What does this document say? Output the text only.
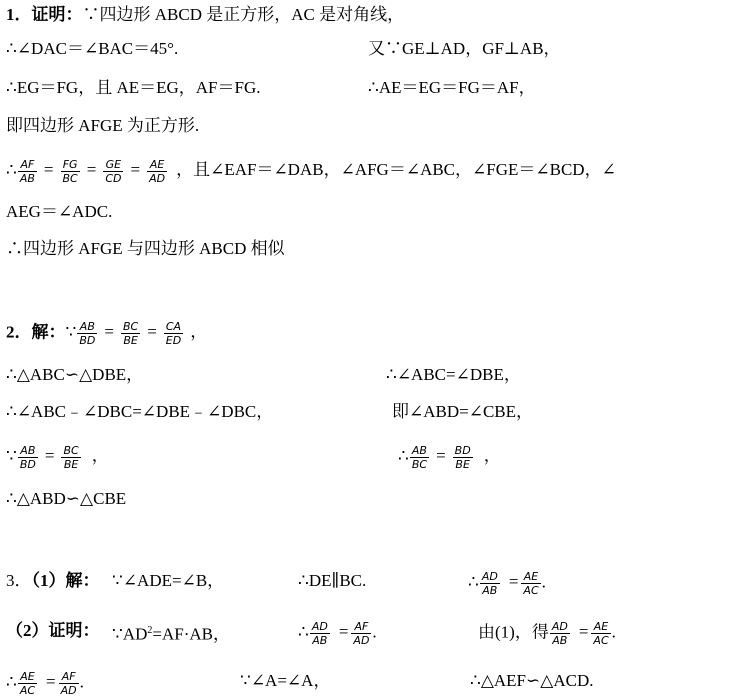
1．证明：∵四边形 ABCD 是正方形，AC 是对角线，
∴∠DAC＝∠BAC＝45°.	又∵GE⊥AD，GF⊥AB，
∴EG＝FG，且 AE＝EG，AF＝FG.	∴AE＝EG＝FG＝AF，
即四边形 AFGE 为正方形.
∴ $\frac{AF}{AB} = \frac{FG}{BC} = \frac{GE}{CD} = \frac{AE}{AD}$ ，且∠EAF＝∠DAB，∠AFG＝∠ABC，∠FGE＝∠BCD，∠
AEG＝∠ADC.
∴四边形 AFGE 与四边形 ABCD 相似
2．解：∵ $\frac{AB}{BD} = \frac{BC}{BE} = \frac{CA}{ED}$ ，
∴△ABC∽△DBE，	∴∠ABC=∠DBE，
∴∠ABC﹣∠DBC=∠DBE﹣∠DBC，	即∠ABD=∠CBE，
∵ $\frac{AB}{BD} = \frac{BC}{BE}$ ，	∴ $\frac{AB}{BC} = \frac{BD}{BE}$ ，
∴△ABD∽△CBE
3．（1）解： ∵∠ADE=∠B，	∴DE∥BC.	∴ $\frac{AD}{AB} = \frac{AE}{AC}$ .
（2）证明： $\because AD^2=AF\cdot AB$，	∴ $\frac{AD}{AB} = \frac{AF}{AD}$ .	由(1)，得 $\frac{AD}{AB} = \frac{AE}{AC}$ .
∴ $\frac{AE}{AC} = \frac{AF}{AD}$ .	∵∠A=∠A，	∴△AEF∽△ACD.
